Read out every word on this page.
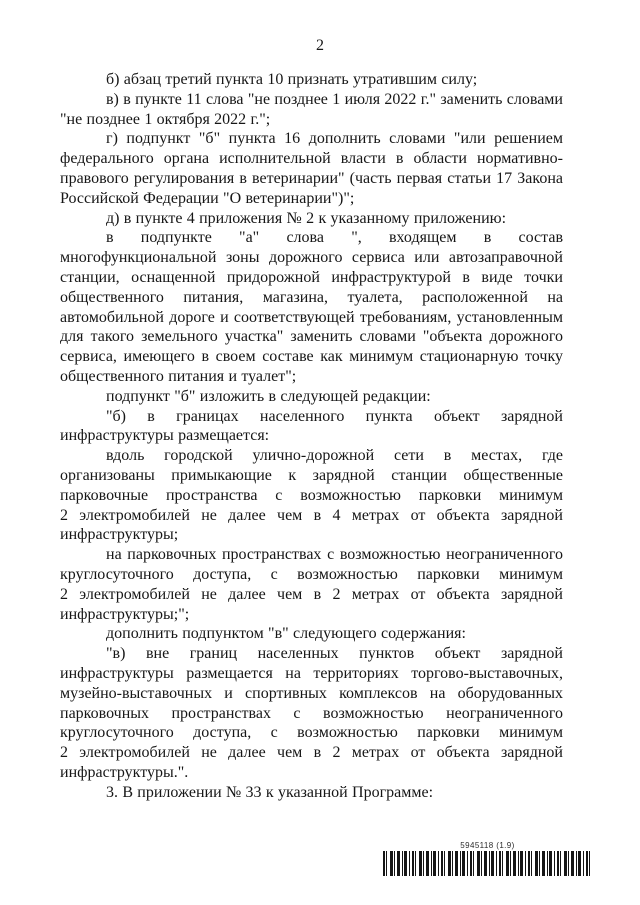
2

б) абзац третий пункта 10 признать утратившим силу;

в) в пункте 11 слова "не позднее 1 июля 2022 г." заменить словами "не позднее 1 октября 2022 г.";

г) подпункт "б" пункта 16 дополнить словами "или решением федерального органа исполнительной власти в области нормативно-правового регулирования в ветеринарии" (часть первая статьи 17 Закона Российской Федерации "О ветеринарии")";

д) в пункте 4 приложения № 2 к указанному приложению:

в подпункте "а" слова ", входящем в состав многофункциональной зоны дорожного сервиса или автозаправочной станции, оснащенной придорожной инфраструктурой в виде точки общественного питания, магазина, туалета, расположенной на автомобильной дороге и соответствующей требованиям, установленным для такого земельного участка" заменить словами "объекта дорожного сервиса, имеющего в своем составе как минимум стационарную точку общественного питания и туалет";

подпункт "б" изложить в следующей редакции:

"б) в границах населенного пункта объект зарядной инфраструктуры размещается:

вдоль городской улично-дорожной сети в местах, где организованы примыкающие к зарядной станции общественные парковочные пространства с возможностью парковки минимум 2 электромобилей не далее чем в 4 метрах от объекта зарядной инфраструктуры;

на парковочных пространствах с возможностью неограниченного круглосуточного доступа, с возможностью парковки минимум 2 электромобилей не далее чем в 2 метрах от объекта зарядной инфраструктуры;";

дополнить подпунктом "в" следующего содержания:

"в) вне границ населенных пунктов объект зарядной инфраструктуры размещается на территориях торгово-выставочных, музейно-выставочных и спортивных комплексов на оборудованных парковочных пространствах с возможностью неограниченного круглосуточного доступа, с возможностью парковки минимум 2 электромобилей не далее чем в 2 метрах от объекта зарядной инфраструктуры.".

3. В приложении № 33 к указанной Программе:

5945118 (1.9)
